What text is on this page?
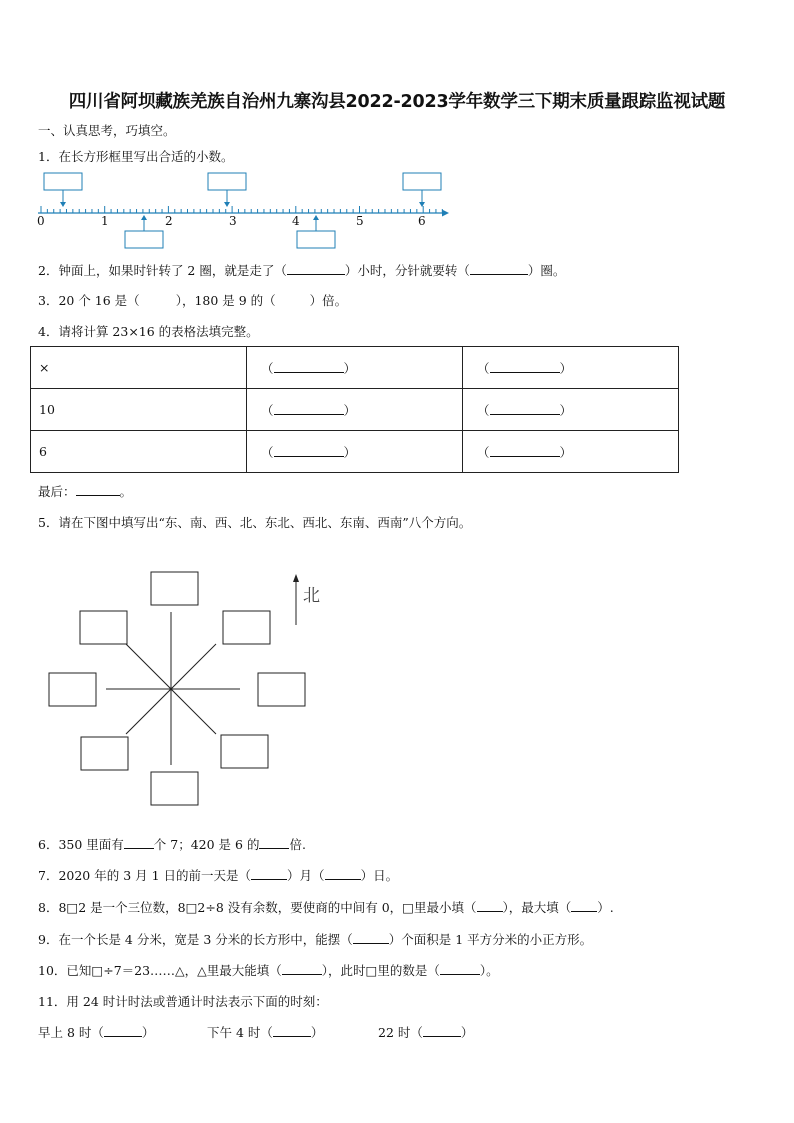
四川省阿坝藏族羌族自治州九寨沟县2022-2023学年数学三下期末质量跟踪监视试题
一、认真思考，巧填空。
1．在长方形框里写出合适的小数。
0	1	2	3	4	5	6
2．钟面上，如果时针转了 2 圈，就是走了（	）小时，分针就要转（	）圈。
3．20 个 16 是（	），180 是 9 的（	）倍。
4．请将计算 23×16 的表格法填完整。
×	（ ）	（ ）
10	（ ）	（ ）
6	（ ）	（ ）
最后：	。
5．请在下图中填写出“东、南、西、北、东北、西北、东南、西南”八个方向。
北
6．350 里面有 个 7；420 是 6 的 倍.
7．2020 年的 3 月 1 日的前一天是（	）月（	）日。
8．8□2 是一个三位数，8□2÷8 没有余数，要使商的中间有 0，□里最小填（ ），最大填（ ）.
9．在一个长是 4 分米，宽是 3 分米的长方形中，能摆（	）个面积是 1 平方分米的小正方形。
10．已知□÷7＝23……△，△里最大能填（	），此时□里的数是（	）。
11．用 24 时计时法或普通计时法表示下面的时刻：
早上 8 时（	）	下午 4 时（	）	22 时（	）
